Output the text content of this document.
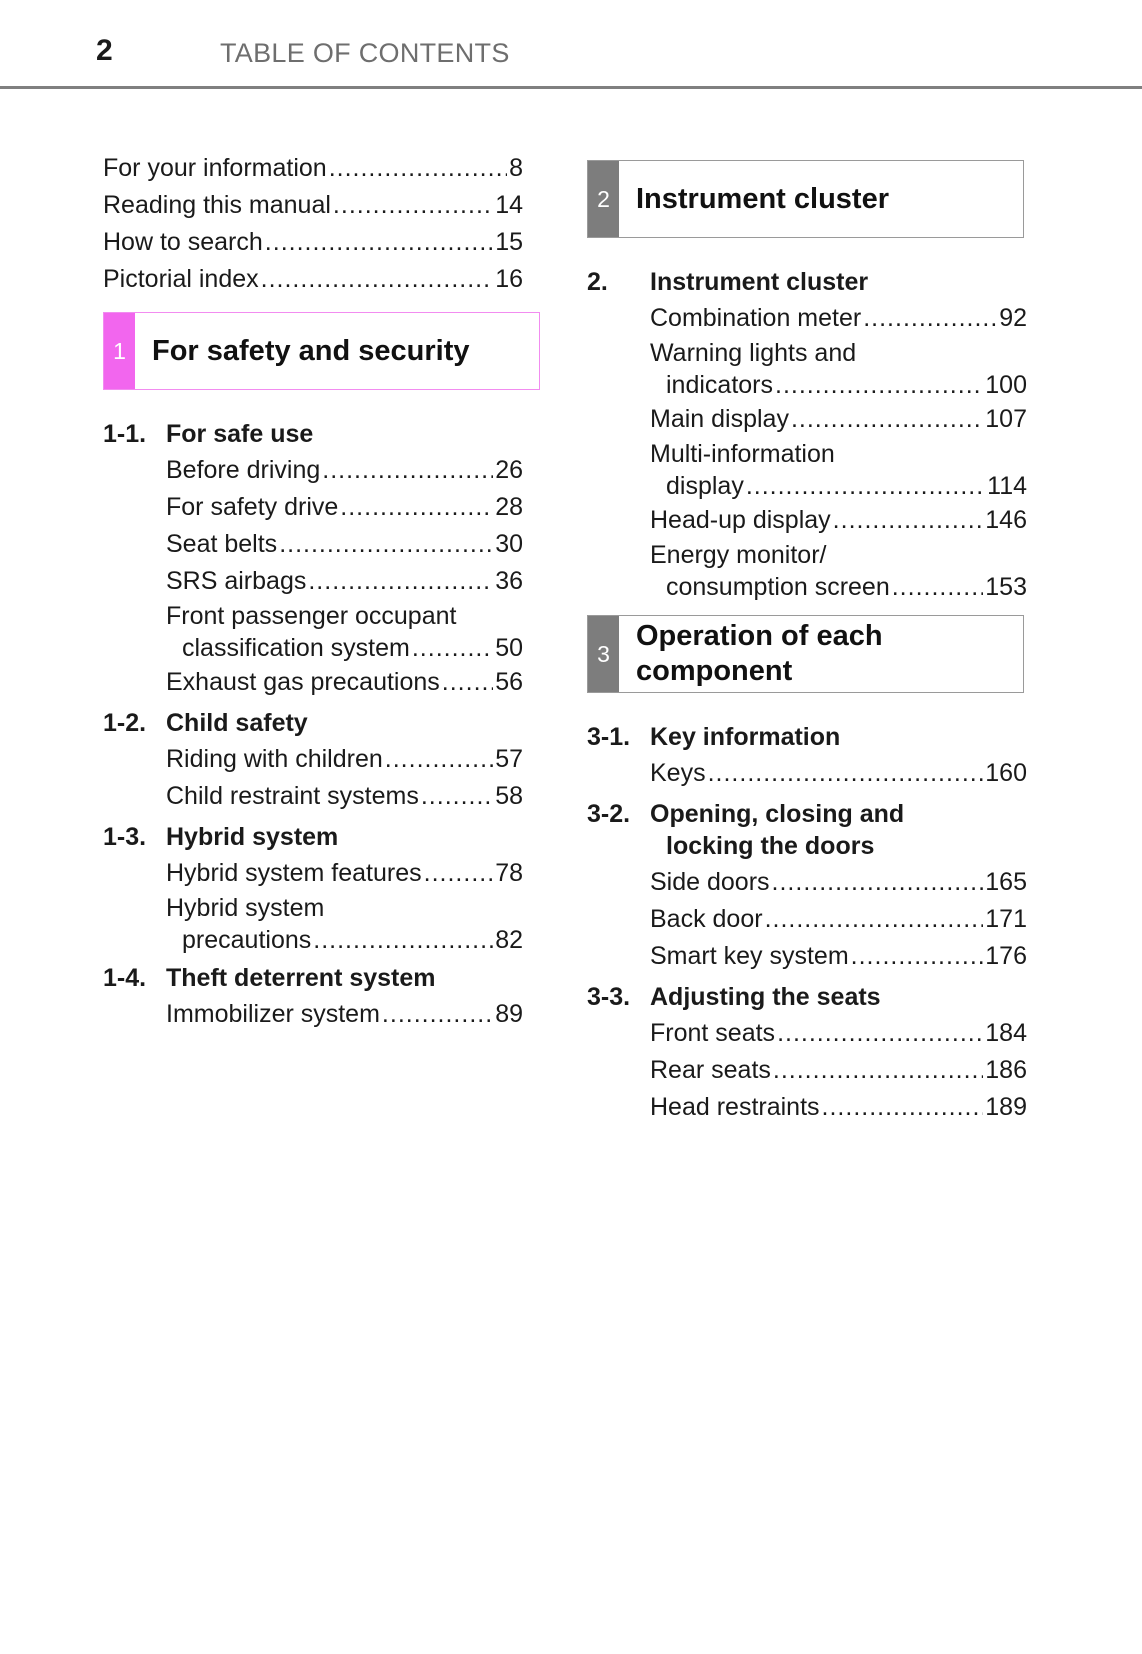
2	TABLE OF CONTENTS
For your information .....	8
Reading this manual .....	14
How to search .....	15
Pictorial index .....	16
1 For safety and security
1-1. For safe use
Before driving .....	26
For safety drive .....	28
Seat belts .....	30
SRS airbags .....	36
Front passenger occupant
classification system .....	50
Exhaust gas precautions ..... 56
1-2. Child safety
Riding with children .....	57
Child restraint systems .....	58
1-3. Hybrid system
Hybrid system features .....	78
Hybrid system
precautions .....	82
1-4. Theft deterrent system
Immobilizer system .....	89
2 Instrument cluster
2.	Instrument cluster
Combination meter .....	92
Warning lights and
indicators .....	100
Main display .....	107
Multi-information
display .....	114
Head-up display .....	146
Energy monitor/
consumption screen .....	153
3
Operation of each
component
3-1. Key information
Keys .....	160
3-2. Opening, closing and
locking the doors
Side doors .....	165
Back door .....	171
Smart key system .....	176
3-3. Adjusting the seats
Front seats .....	184
Rear seats .....	186
Head restraints .....	189
